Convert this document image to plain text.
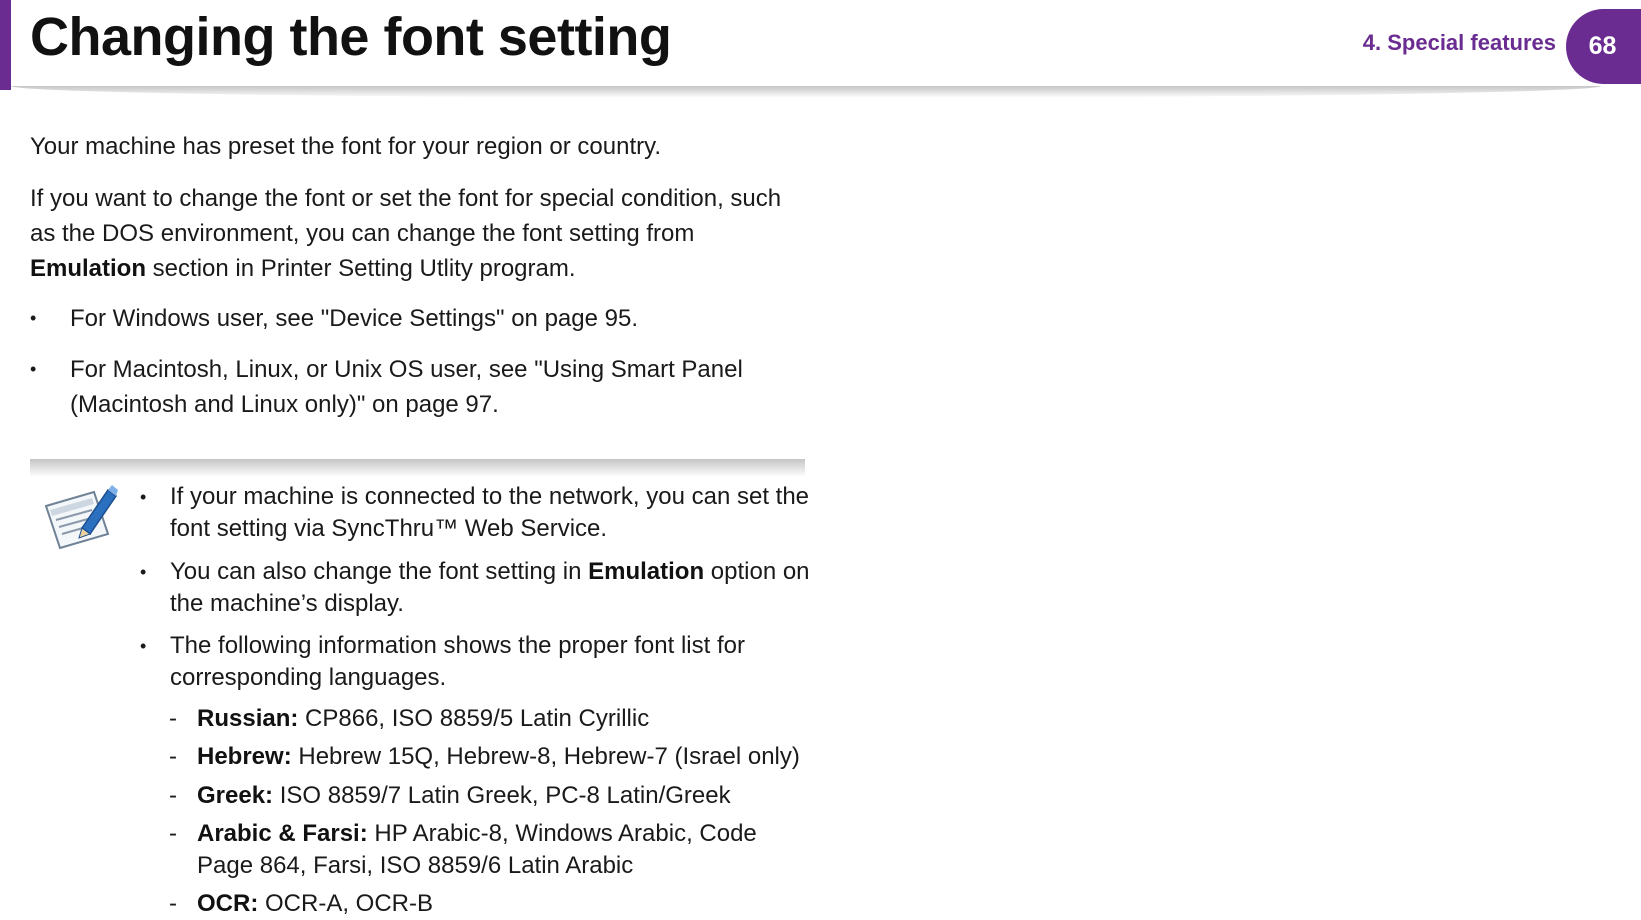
Changing the font setting	4. Special features	68

Your machine has preset the font for your region or country.

If you want to change the font or set the font for special condition, such as the DOS environment, you can change the font setting from Emulation section in Printer Setting Utlity program.

• For Windows user, see "Device Settings" on page 95.
• For Macintosh, Linux, or Unix OS user, see "Using Smart Panel (Macintosh and Linux only)" on page 97.
• If your machine is connected to the network, you can set the font setting via SyncThru™ Web Service.
• You can also change the font setting in Emulation option on the machine’s display.
• The following information shows the proper font list for corresponding languages.
- Russian: CP866, ISO 8859/5 Latin Cyrillic
- Hebrew: Hebrew 15Q, Hebrew-8, Hebrew-7 (Israel only)
- Greek: ISO 8859/7 Latin Greek, PC-8 Latin/Greek
- Arabic & Farsi: HP Arabic-8, Windows Arabic, Code Page 864, Farsi, ISO 8859/6 Latin Arabic
- OCR: OCR-A, OCR-B
